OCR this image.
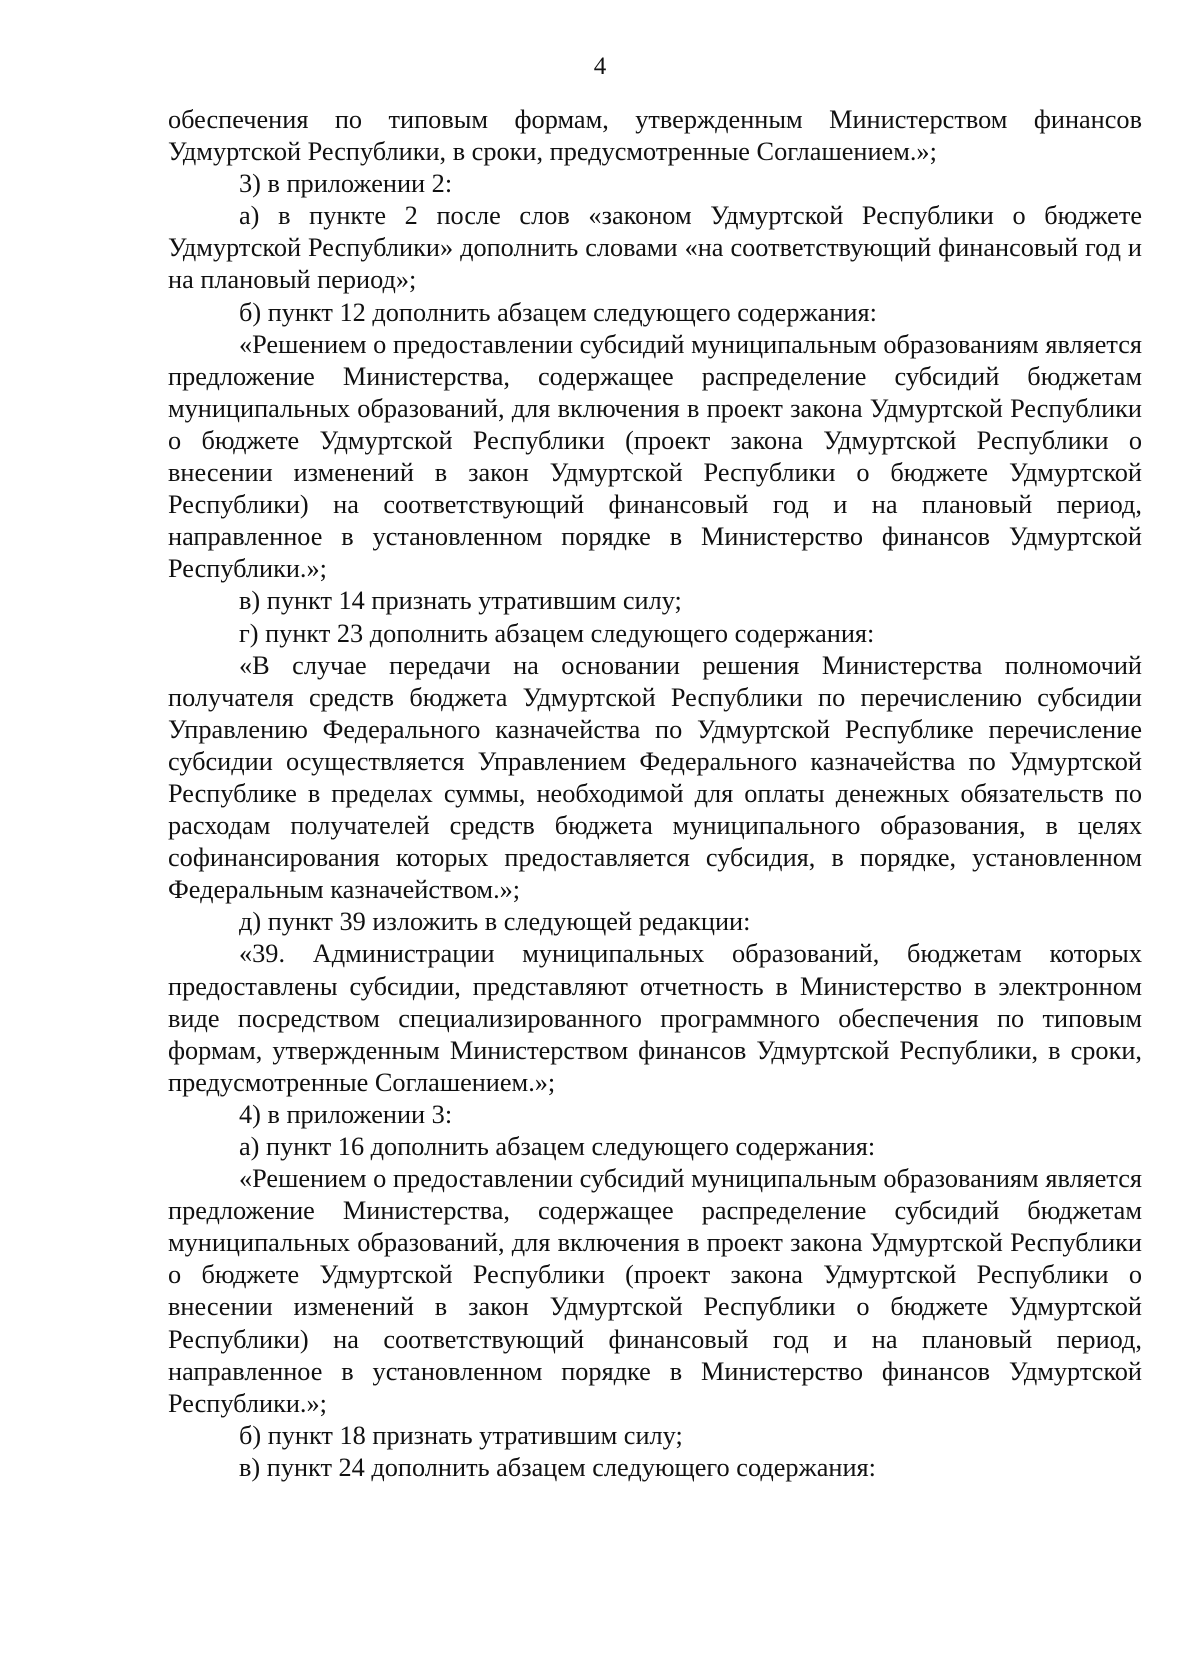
4

обеспечения по типовым формам, утвержденным Министерством финансов Удмуртской Республики, в сроки, предусмотренные Соглашением.»;

3) в приложении 2:

а) в пункте 2 после слов «законом Удмуртской Республики о бюджете Удмуртской Республики» дополнить словами «на соответствующий финансовый год и на плановый период»;

б) пункт 12 дополнить абзацем следующего содержания:

«Решением о предоставлении субсидий муниципальным образованиям является предложение Министерства, содержащее распределение субсидий бюджетам муниципальных образований, для включения в проект закона Удмуртской Республики о бюджете Удмуртской Республики (проект закона Удмуртской Республики о внесении изменений в закон Удмуртской Республики о бюджете Удмуртской Республики) на соответствующий финансовый год и на плановый период, направленное в установленном порядке в Министерство финансов Удмуртской Республики.»;

в) пункт 14 признать утратившим силу;

г) пункт 23 дополнить абзацем следующего содержания:

«В случае передачи на основании решения Министерства полномочий получателя средств бюджета Удмуртской Республики по перечислению субсидии Управлению Федерального казначейства по Удмуртской Республике перечисление субсидии осуществляется Управлением Федерального казначейства по Удмуртской Республике в пределах суммы, необходимой для оплаты денежных обязательств по расходам получателей средств бюджета муниципального образования, в целях софинансирования которых предоставляется субсидия, в порядке, установленном Федеральным казначейством.»;

д) пункт 39 изложить в следующей редакции:

«39. Администрации муниципальных образований, бюджетам которых предоставлены субсидии, представляют отчетность в Министерство в электронном виде посредством специализированного программного обеспечения по типовым формам, утвержденным Министерством финансов Удмуртской Республики, в сроки, предусмотренные Соглашением.»;

4) в приложении 3:

а) пункт 16 дополнить абзацем следующего содержания:

«Решением о предоставлении субсидий муниципальным образованиям является предложение Министерства, содержащее распределение субсидий бюджетам муниципальных образований, для включения в проект закона Удмуртской Республики о бюджете Удмуртской Республики (проект закона Удмуртской Республики о внесении изменений в закон Удмуртской Республики о бюджете Удмуртской Республики) на соответствующий финансовый год и на плановый период, направленное в установленном порядке в Министерство финансов Удмуртской Республики.»;

б) пункт 18 признать утратившим силу;

в) пункт 24 дополнить абзацем следующего содержания:
